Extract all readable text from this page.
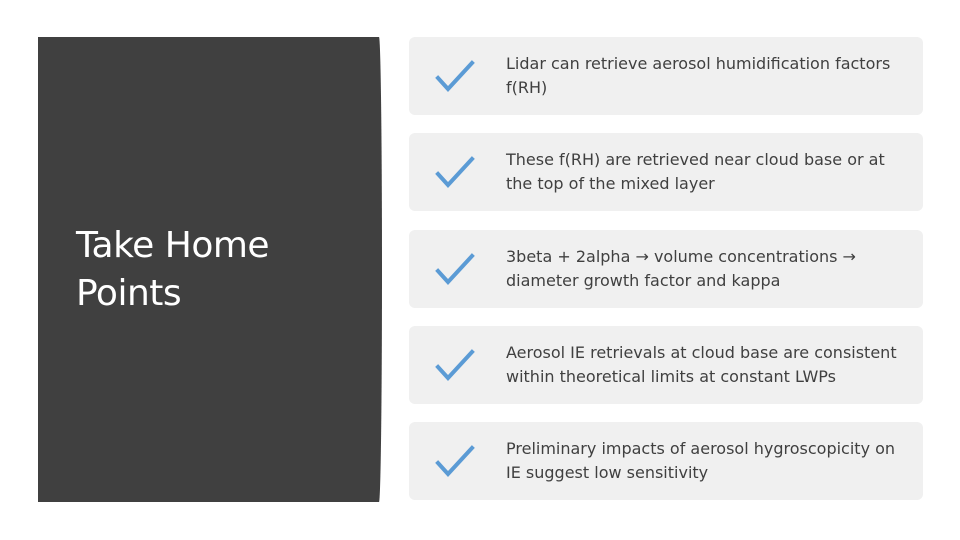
Take Home Points
Lidar can retrieve aerosol humidification factors f(RH)
These f(RH) are retrieved near cloud base or at the top of the mixed layer
3beta + 2alpha → volume concentrations → diameter growth factor and kappa
Aerosol IE retrievals at cloud base are consistent within theoretical limits at constant LWPs
Preliminary impacts of aerosol hygroscopicity on IE suggest low sensitivity
